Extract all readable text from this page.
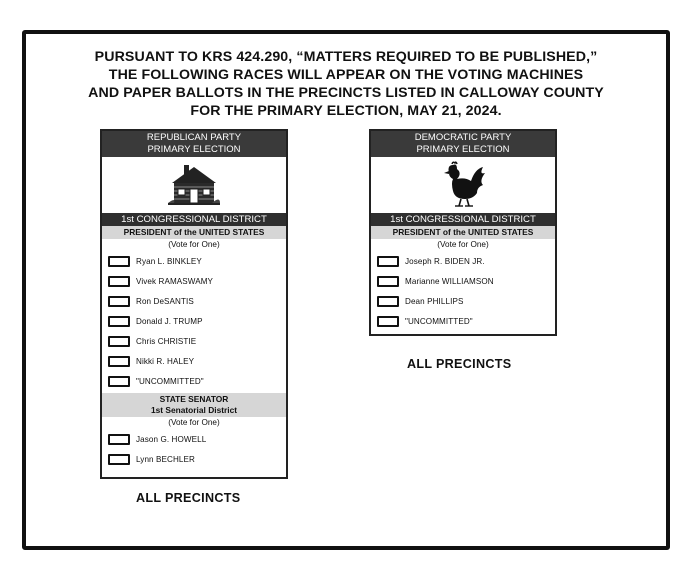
PURSUANT TO KRS 424.290, “MATTERS REQUIRED TO BE PUBLISHED,”
THE FOLLOWING RACES WILL APPEAR ON THE VOTING MACHINES
AND PAPER BALLOTS IN THE PRECINCTS LISTED IN CALLOWAY COUNTY
FOR THE PRIMARY ELECTION, MAY 21, 2024.
REPUBLICAN PARTY
PRIMARY ELECTION
1st CONGRESSIONAL DISTRICT
PRESIDENT of the UNITED STATES
(Vote for One)
Ryan L. BINKLEY
Vivek RAMASWAMY
Ron DeSANTIS
Donald J. TRUMP
Chris CHRISTIE
Nikki R. HALEY
"UNCOMMITTED"
STATE SENATOR
1st Senatorial District
(Vote for One)
Jason G. HOWELL
Lynn BECHLER
ALL PRECINCTS
DEMOCRATIC PARTY
PRIMARY ELECTION
1st CONGRESSIONAL DISTRICT
PRESIDENT of the UNITED STATES
(Vote for One)
Joseph R. BIDEN JR.
Marianne WILLIAMSON
Dean PHILLIPS
"UNCOMMITTED"
ALL PRECINCTS
